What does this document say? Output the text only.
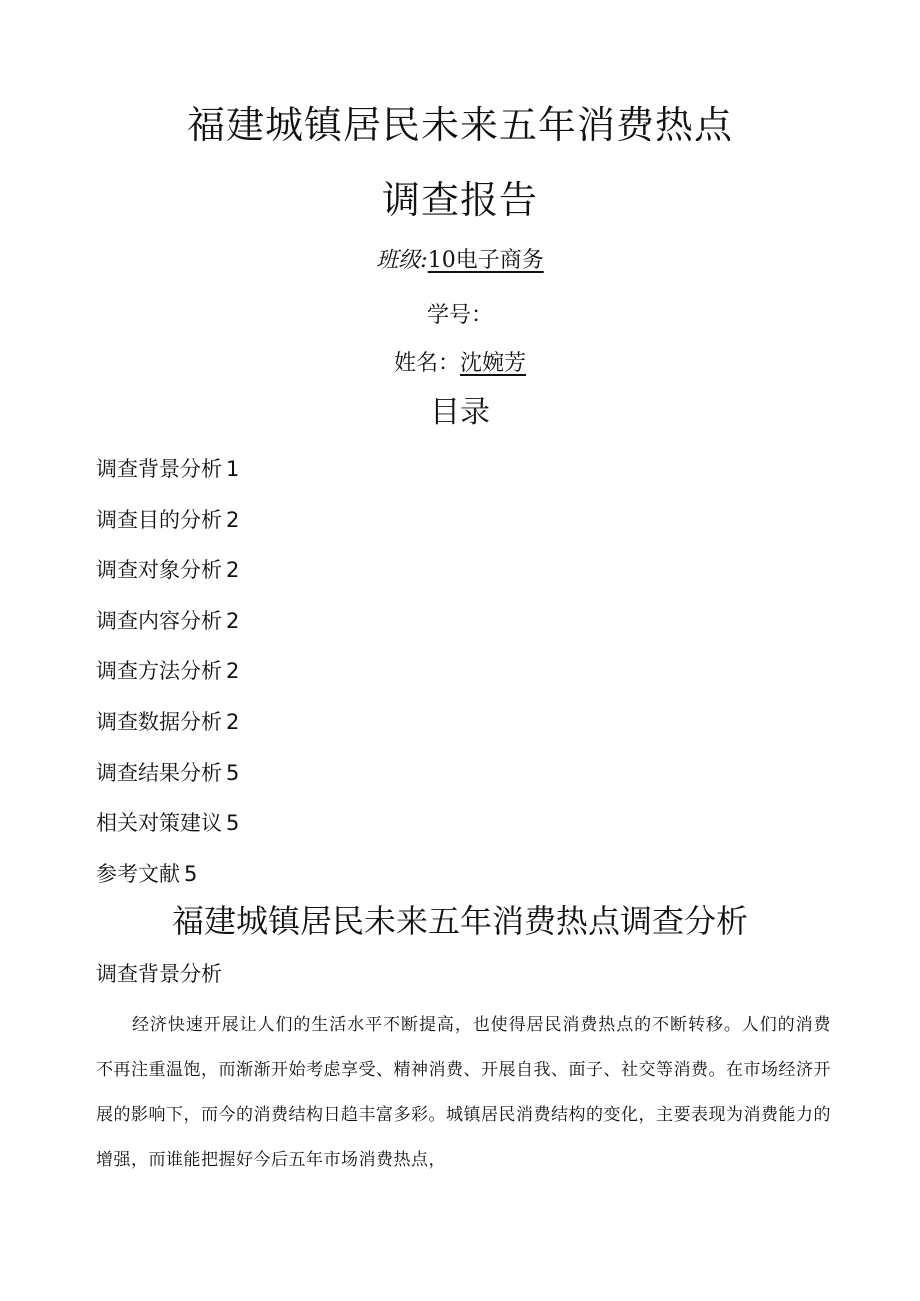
福建城镇居民未来五年消费热点
调查报告
班级:10电子商务
学号：
姓名：沈婉芳
目录
调查背景分析 1
调查目的分析 2
调查对象分析 2
调查内容分析 2
调查方法分析 2
调查数据分析 2
调查结果分析 5
相关对策建议 5
参考文献 5
福建城镇居民未来五年消费热点调查分析
调查背景分析

经济快速开展让人们的生活水平不断提高，也使得居民消费热点的不断转移。人们的消费不再注重温饱，而渐渐开始考虑享受、精神消费、开展自我、面子、社交等消费。在市场经济开展的影响下，而今的消费结构日趋丰富多彩。城镇居民消费结构的变化，主要表现为消费能力的增强，而谁能把握好今后五年市场消费热点，
